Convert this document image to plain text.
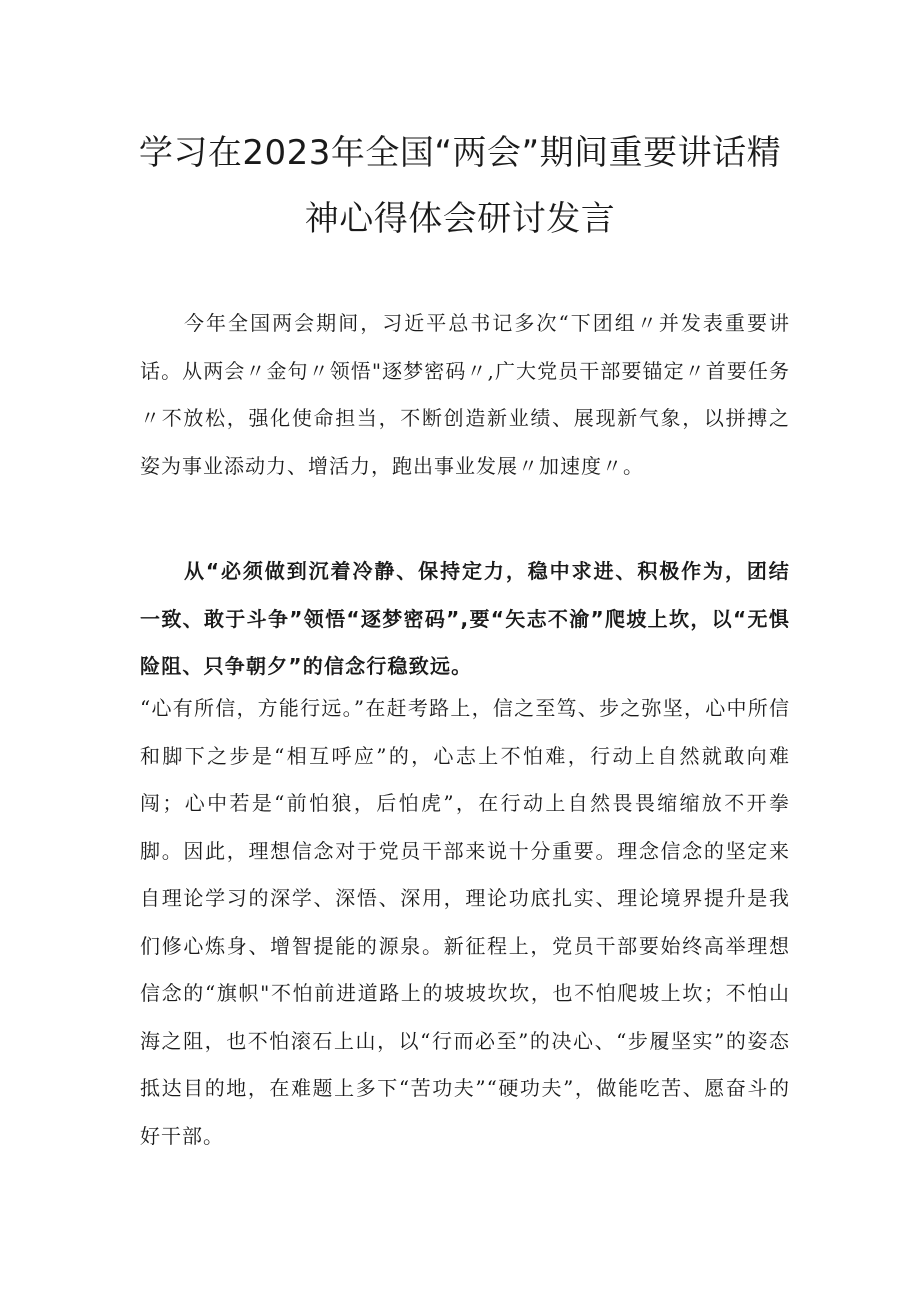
学习在2023年全国“两会”期间重要讲话精
神心得体会研讨发言

今年全国两会期间，习近平总书记多次“下团组〃并发表重要讲话。从两会〃金句〃领悟"逐梦密码〃,广大党员干部要锚定〃首要任务〃不放松，强化使命担当，不断创造新业绩、展现新气象，以拼搏之姿为事业添动力、增活力，跑出事业发展〃加速度〃。

从“必须做到沉着冷静、保持定力，稳中求进、积极作为，团结一致、敢于斗争”领悟“逐梦密码”,要“矢志不渝”爬坡上坎，以“无惧险阻、只争朝夕”的信念行稳致远。

“心有所信，方能行远。”在赶考路上，信之至笃、步之弥坚，心中所信和脚下之步是“相互呼应”的，心志上不怕难，行动上自然就敢向难闯；心中若是“前怕狼，后怕虎”，在行动上自然畏畏缩缩放不开拳脚。因此，理想信念对于党员干部来说十分重要。理念信念的坚定来自理论学习的深学、深悟、深用，理论功底扎实、理论境界提升是我们修心炼身、增智提能的源泉。新征程上，党员干部要始终高举理想信念的“旗帜"不怕前进道路上的坡坡坎坎，也不怕爬坡上坎；不怕山海之阻，也不怕滚石上山，以“行而必至”的决心、“步履坚实”的姿态抵达目的地，在难题上多下“苦功夫”“硬功夫”，做能吃苦、愿奋斗的好干部。
